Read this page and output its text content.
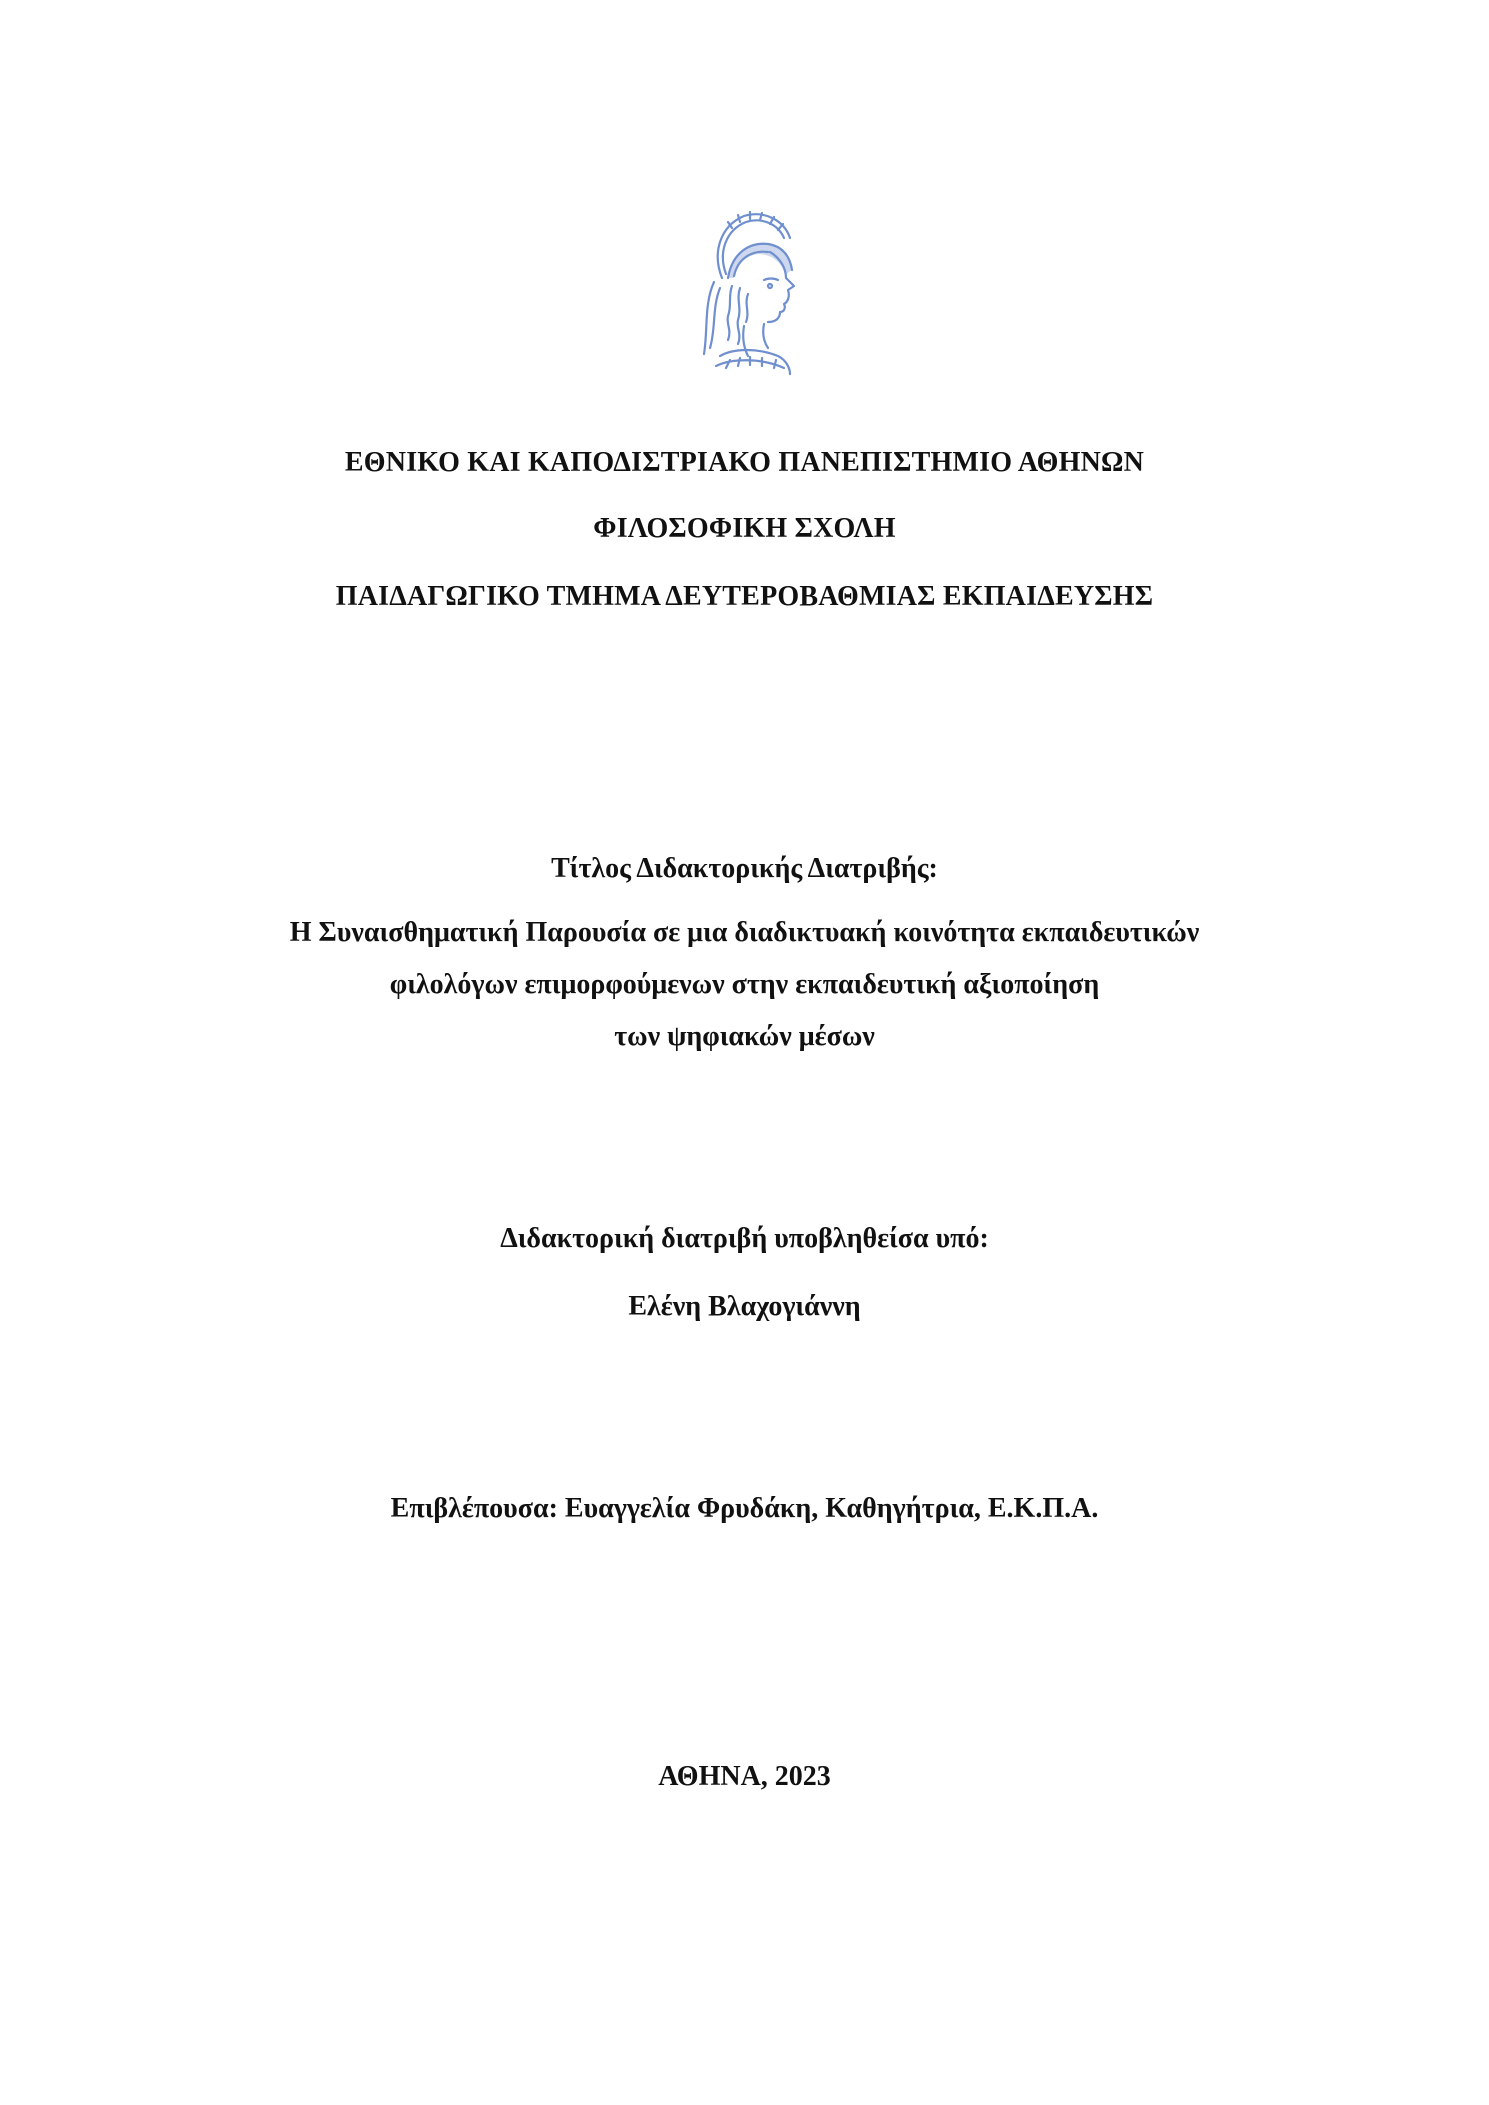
ΕΘΝΙΚΟ ΚΑΙ ΚΑΠΟΔΙΣΤΡΙΑΚΟ ΠΑΝΕΠΙΣΤΗΜΙΟ ΑΘΗΝΩΝ
ΦΙΛΟΣΟΦΙΚΗ ΣΧΟΛΗ
ΠΑΙΔΑΓΩΓΙΚΟ ΤΜΗΜΑ ΔΕΥΤΕΡΟΒΑΘΜΙΑΣ ΕΚΠΑΙΔΕΥΣΗΣ
Τίτλος Διδακτορικής Διατριβής:
Η Συναισθηματική Παρουσία σε μια διαδικτυακή κοινότητα εκπαιδευτικών
φιλολόγων επιμορφούμενων στην εκπαιδευτική αξιοποίηση
των ψηφιακών μέσων
Διδακτορική διατριβή υποβληθείσα υπό:
Ελένη Βλαχογιάννη
Επιβλέπουσα: Ευαγγελία Φρυδάκη, Καθηγήτρια, Ε.Κ.Π.Α.
ΑΘΗΝΑ, 2023
